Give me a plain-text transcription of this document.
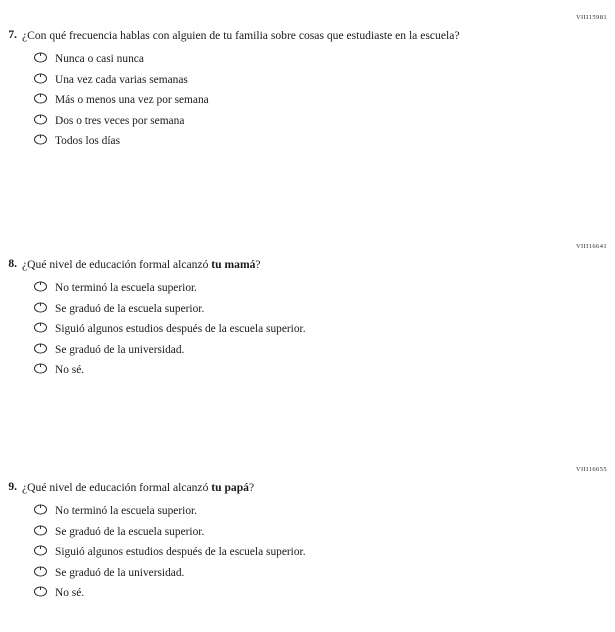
VIII15981
7. ¿Con qué frecuencia hablas con alguien de tu familia sobre cosas que estudiaste en la escuela?
Nunca o casi nunca
Una vez cada varias semanas
Más o menos una vez por semana
Dos o tres veces por semana
Todos los días
VIII16641
8. ¿Qué nivel de educación formal alcanzó tu mamá?
No terminó la escuela superior.
Se graduó de la escuela superior.
Siguió algunos estudios después de la escuela superior.
Se graduó de la universidad.
No sé.
VIII16655
9. ¿Qué nivel de educación formal alcanzó tu papá?
No terminó la escuela superior.
Se graduó de la escuela superior.
Siguió algunos estudios después de la escuela superior.
Se graduó de la universidad.
No sé.
